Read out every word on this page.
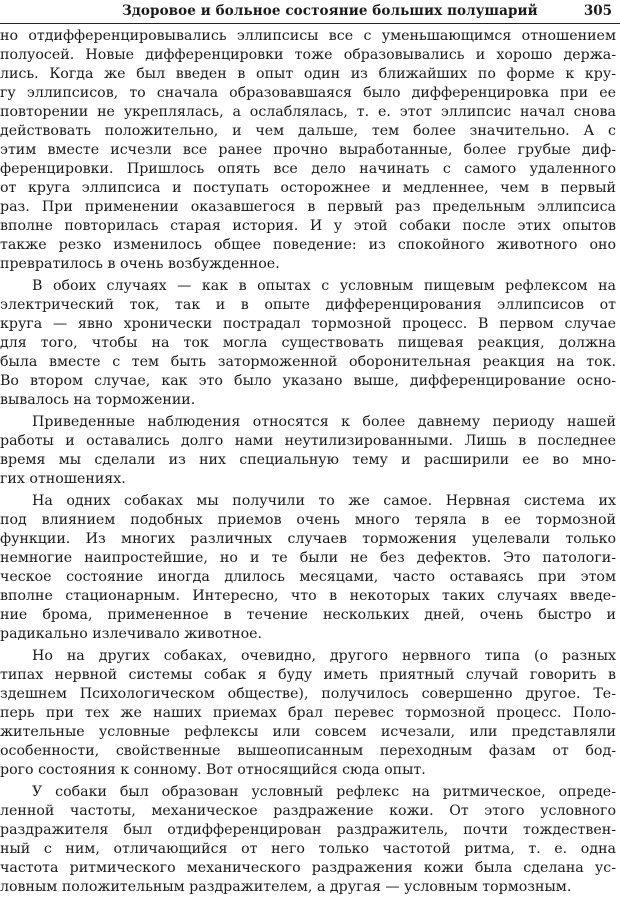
Здоровое и больное состояние больших полушарий	305
но отдифференцировывались эллипсисы все с уменьшающимся отношением
полуосей. Новые дифференцировки тоже образовывались и хорошо держа-
лись. Когда же был введен в опыт один из ближайших по форме к кру-
гу эллипсисов, то сначала образовавшаяся было дифференцировка при ее
повторении не укреплялась, а ослаблялась, т. е. этот эллипсис начал снова
действовать положительно, и чем дальше, тем более значительно. А с
этим вместе исчезли все ранее прочно выработанные, более грубые диф-
ференцировки. Пришлось опять все дело начинать с самого удаленного
от круга эллипсиса и поступать осторожнее и медленнее, чем в первый
раз. При применении оказавшегося в первый раз предельным эллипсиса
вполне повторилась старая история. И у этой собаки после этих опытов
также резко изменилось общее поведение: из спокойного животного оно
превратилось в очень возбужденное.
В обоих случаях — как в опытах с условным пищевым рефлексом на
электрический ток, так и в опыте дифференцирования эллипсисов от
круга — явно хронически пострадал тормозной процесс. В первом случае
для того, чтобы на ток могла существовать пищевая реакция, должна
была вместе с тем быть заторможенной оборонительная реакция на ток.
Во втором случае, как это было указано выше, дифференцирование осно-
вывалось на торможении.
Приведенные наблюдения относятся к более давнему периоду нашей
работы и оставались долго нами неутилизированными. Лишь в последнее
время мы сделали из них специальную тему и расширили ее во мно-
гих отношениях.
На одних собаках мы получили то же самое. Нервная система их
под влиянием подобных приемов очень много теряла в ее тормозной
функции. Из многих различных случаев торможения уцелевали только
немногие наипростейшие, но и те были не без дефектов. Это патологи-
ческое состояние иногда длилось месяцами, часто оставаясь при этом
вполне стационарным. Интересно, что в некоторых таких случаях введе-
ние брома, примененное в течение нескольких дней, очень быстро и
радикально излечивало животное.
Но на других собаках, очевидно, другого нервного типа (о разных
типах нервной системы собак я буду иметь приятный случай говорить в
здешнем Психологическом обществе), получилось совершенно другое. Те-
перь при тех же наших приемах брал перевес тормозной процесс. Поло-
жительные условные рефлексы или совсем исчезали, или представляли
особенности, свойственные вышеописанным переходным фазам от бод-
рого состояния к сонному. Вот относящийся сюда опыт.
У собаки был образован условный рефлекс на ритмическое, опреде-
ленной частоты, механическое раздражение кожи. От этого условного
раздражителя был отдифференцирован раздражитель, почти тождествен-
ный с ним, отличающийся от него только частотой ритма, т. е. одна
частота ритмического механического раздражения кожи была сделана ус-
ловным положительным раздражителем, а другая — условным тормозным.
